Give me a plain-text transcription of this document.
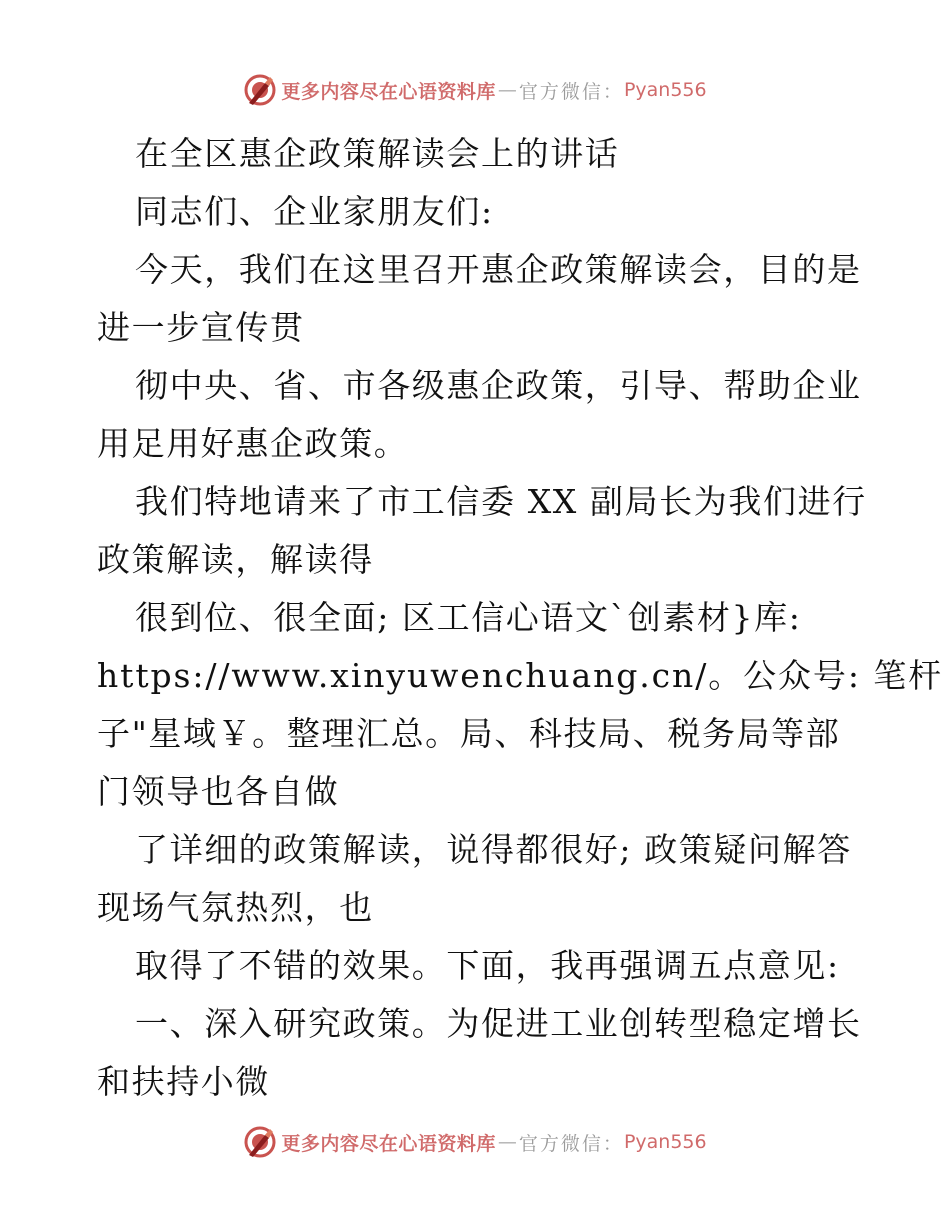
更多内容尽在心语资料库 — 官方微信： Pyan556
在全区惠企政策解读会上的讲话
同志们、企业家朋友们:
今天，我们在这里召开惠企政策解读会，目的是
进一步宣传贯
彻中央、省、市各级惠企政策，引导、帮助企业
用足用好惠企政策。
我们特地请来了市工信委 XX 副局长为我们进行
政策解读，解读得
很到位、很全面; 区工信心语文`创素材}库:
https://www.xinyuwenchuang.cn/。公众号: 笔杆
子"星域￥。整理汇总。局、科技局、税务局等部
门领导也各自做
了详细的政策解读，说得都很好; 政策疑问解答
现场气氛热烈，也
取得了不错的效果。下面，我再强调五点意见:
一、深入研究政策。为促进工业创转型稳定增长
和扶持小微
更多内容尽在心语资料库 — 官方微信： Pyan556
